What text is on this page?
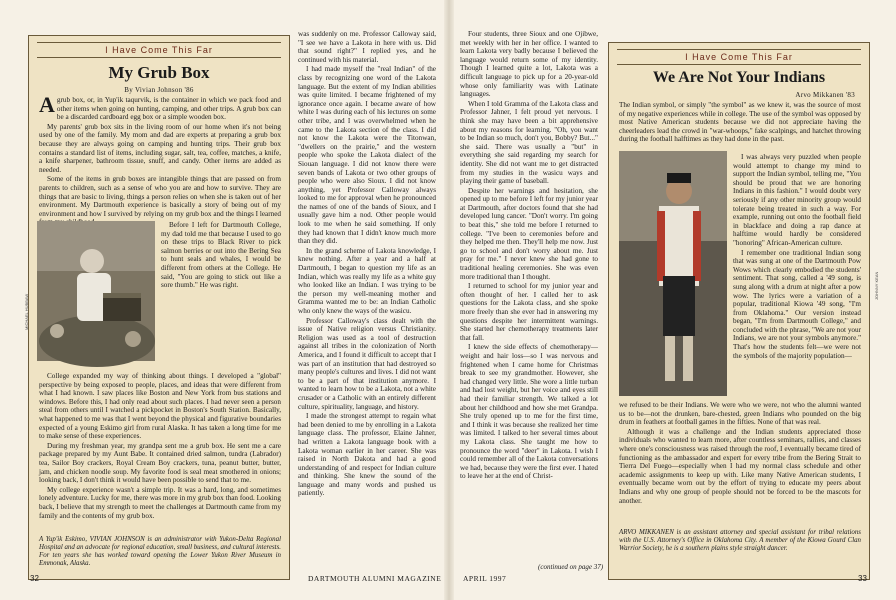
I Have Come This Far
My Grub Box
By Vivian Johnson '86

A grub box, or, in Yup'ik taqurvik, is the container in which we pack food and other items when going on hunting, camping, and other trips. A grub box can be a discarded cardboard egg box or a simple wooden box.

My parents' grub box sits in the living room of our home when it's not being used by one of the family. My mom and dad are experts at preparing a grub box because they are always going on camping and hunting trips. Their grub box contains a standard list of items, including sugar, salt, tea, coffee, matches, a knife, a knife sharpener, bathroom tissue, snuff, and candy. Other items are added as needed.

Some of the items in grub boxes are intangible things that are passed on from parents to children, such as a sense of who you are and how to survive. They are things that are basic to living, things a person relies on when she is taken out of her environment. My Dartmouth experience is basically a story of being out of my environment and how I survived by relying on my grub box and the things I learned

Before I left for Dartmouth College, my dad told me that because I used to go on these trips to Black River to pick salmon berries or out into the Bering Sea to hunt seals and whales, I would be different from others at the College. He said, "You are going to stick out like a sore thumb." He was right.

College expanded my way of thinking about things. I developed a "global" perspective by being exposed to people, places, and ideas that were different from what I had known. I saw places like Boston and New York from bus stations and windows. Before this, I had only read about such places. I had never seen a person steal from others until I watched a pickpocket in Boston's South Station. Basically, what happened to me was that I went beyond the physical and figurative boundaries expected of a young Eskimo girl from rural Alaska. It has taken a long time for me to make sense of these experiences.

During my freshman year, my grandpa sent me a grub box. He sent me a care package prepared by my Aunt Babe. It contained dried salmon, tundra (Labrador) tea, Sailor Boy crackers, Royal Cream Boy crackers, tuna, peanut butter, butter, jam, and chicken noodle soup. My favorite food is seal meat smothered in onions; looking back, I don't think it would have been possible to send that to me.

My college experience wasn't a simple trip. It was a hard, long, and sometimes lonely adventure. Lucky for me, there was more in my grub box than food. Looking back, I believe that my strength to meet the challenges at Dartmouth came from my family and the contents of my grub box.

A Yup'ik Eskimo, VIVIAN JOHNSON is an administrator with Yukon-Delta Regional Hospital and an advocate for regional education, small business, and cultural interests. For ten years she has worked toward opening the Lower Yukon River Museum in Emmonak, Alaska.

MICHAEL HUBBAW

was suddenly on me. Professor Calloway said, "I see we have a Lakota in here with us. Did that sound right?" I replied yes, and he continued with his material.

I had made myself the "real Indian" of the class by recognizing one word of the Lakota language. But the extent of my Indian abilities was quite limited. I became frightened of my ignorance once again. I became aware of how white I was during each of his lectures on some other tribe, and I was overwhelmed when he came to the Lakota section of the class. I did not know the Lakota were the Titonwan, "dwellers on the prairie," and the western people who spoke the Lakota dialect of the Siouan language. I did not know there were seven bands of Lakota or two other groups of people who were also Sioux. I did not know anything, yet Professor Calloway always looked to me for approval when he pronounced the names of one of the bands of Sioux, and I usually gave him a nod. Other people would look to me when he said something. If only they had known that I didn't know much more than they did.

In the grand scheme of Lakota knowledge, I knew nothing. After a year and a half at Dartmouth, I began to question my life as an Indian, which was really my life as a white guy who looked like an Indian. I was trying to be the person my well-meaning mother and Gramma wanted me to be: an Indian Catholic who only knew the ways of the wasicu.

Professor Calloway's class dealt with the issue of Native religion versus Christianity. Religion was used as a tool of destruction against all tribes in the colonization of North America, and I found it difficult to accept that I was part of an institution that had destroyed so many people's cultures and lives. I did not want to be a part of that institution anymore. I wanted to learn how to be a Lakota, not a white crusader or a Catholic with an entirely different culture, spirituality, language, and history.

I made the strongest attempt to regain what had been denied to me by enrolling in a Lakota language class. The professor, Elaine Jahner, had written a Lakota language book with a Lakota woman earlier in her career. She was raised in North Dakota and had a good understanding of and respect for Indian culture and thinking. She knew the sound of the language and many words and pushed us patiently.

Four students, three Sioux and one Ojibwe, met weekly with her in her office. I wanted to learn Lakota very badly because I believed the language would return some of my identity. Though I learned quite a lot, Lakota was a difficult language to pick up for a 20-year-old whose only familiarity was with Latinate languages.

When I told Gramma of the Lakota class and Professor Jahner, I felt proud yet nervous. I think she may have been a bit apprehensive about my reasons for learning. "Oh, you want to be Indian so much, don't you, Bobby? But..." she said. There was usually a "but" in everything she said regarding my search for identity. She did not want me to get distracted from my studies in the wasicu ways and playing their game of baseball.

Despite her warnings and hesitation, she opened up to me before I left for my junior year at Dartmouth, after doctors found that she had developed lung cancer. "Don't worry. I'm going to beat this," she told me before I returned to college. "I've been to ceremonies before and they helped me then. They'll help me now. Just go to school and don't worry about me. Just pray for me." I never knew she had gone to traditional healing ceremonies. She was even more traditional than I thought.

I returned to school for my junior year and often thought of her. I called her to ask questions for the Lakota class, and she spoke more freely than she ever had in answering my questions despite her intermittent warnings. She started her chemotherapy treatments later that fall.

I knew the side effects of chemotherapy—weight and hair loss—so I was nervous and frightened when I came home for Christmas break to see my grandmother. However, she had changed very little. She wore a little turban and had lost weight, but her voice and eyes still had their familiar strength. We talked a lot about her childhood and how she met Grandpa. She truly opened up to me for the first time, and I think it was because she realized her time was limited. I talked to her several times about my Lakota class. She taught me how to pronounce the word "deer" in Lakota. I wish I could remember all of the Lakota conversations we had, because they were the first ever. I hated to leave her at the end of Christ-

(continued on page 37)
I Have Come This Far
We Are Not Your Indians
Arvo Mikkanen '83

The Indian symbol, or simply "the symbol" as we knew it, was the source of most of my negative experiences while in college. The use of the symbol was opposed by most Native American students because we did not appreciate having the cheerleaders lead the crowd in "war-whoops," fake scalpings, and hatchet throwing during the football halftimes as they had done in the past.

I was always very puzzled when people would attempt to change my mind to support the Indian symbol, telling me, "You should be proud that we are honoring Indians in this fashion." I would doubt very seriously if any other minority group would tolerate being treated in such a way. For example, running out onto the football field in blackface and doing a rap dance at halftime would hardly be considered "honoring" African-American culture.

I remember one traditional Indian song that was sung at one of the Dartmouth Pow Wows which clearly embodied the students' sentiment. That song, called a '49 song, is sung along with a drum at night after a pow wow. The lyrics were a variation of a popular, traditional Kiowa '49 song, "I'm from Oklahoma." Our version instead began, "I'm from Dartmouth College," and concluded with the phrase, "We are not your Indians, we are not your symbols anymore." That's how the students felt—we were not the symbols of the majority population—

we refused to be their Indians. We were who we were, not who the alumni wanted us to be—not the drunken, bare-chested, green Indians who pounded on the big drum in feathers at football games in the fifties. None of that was real.

Although it was a challenge and the Indian students appreciated those individuals who wanted to learn more, after countless seminars, rallies, and classes where one's consciousness was raised through the roof, I eventually became tired of functioning as the ambassador and expert for every tribe from the Bering Strait to Tierra Del Fuego—especially when I had my normal class schedule and other academic assignments to keep up with. Like many Native American students, I eventually became worn out by the effort of trying to educate my peers about Indians and why one group of people should not be forced to be the mascots for another.

ARVO MIKKANEN is an assistant attorney and special assistant for tribal relations with the U.S. Attorney's Office in Oklahoma City. A member of the Kiowa Gourd Clan Warrior Society, he is a southern plains style straight dancer.

JOHNNY KEAN
32	DARTMOUTH ALUMNI MAGAZINE	APRIL 1997	33
